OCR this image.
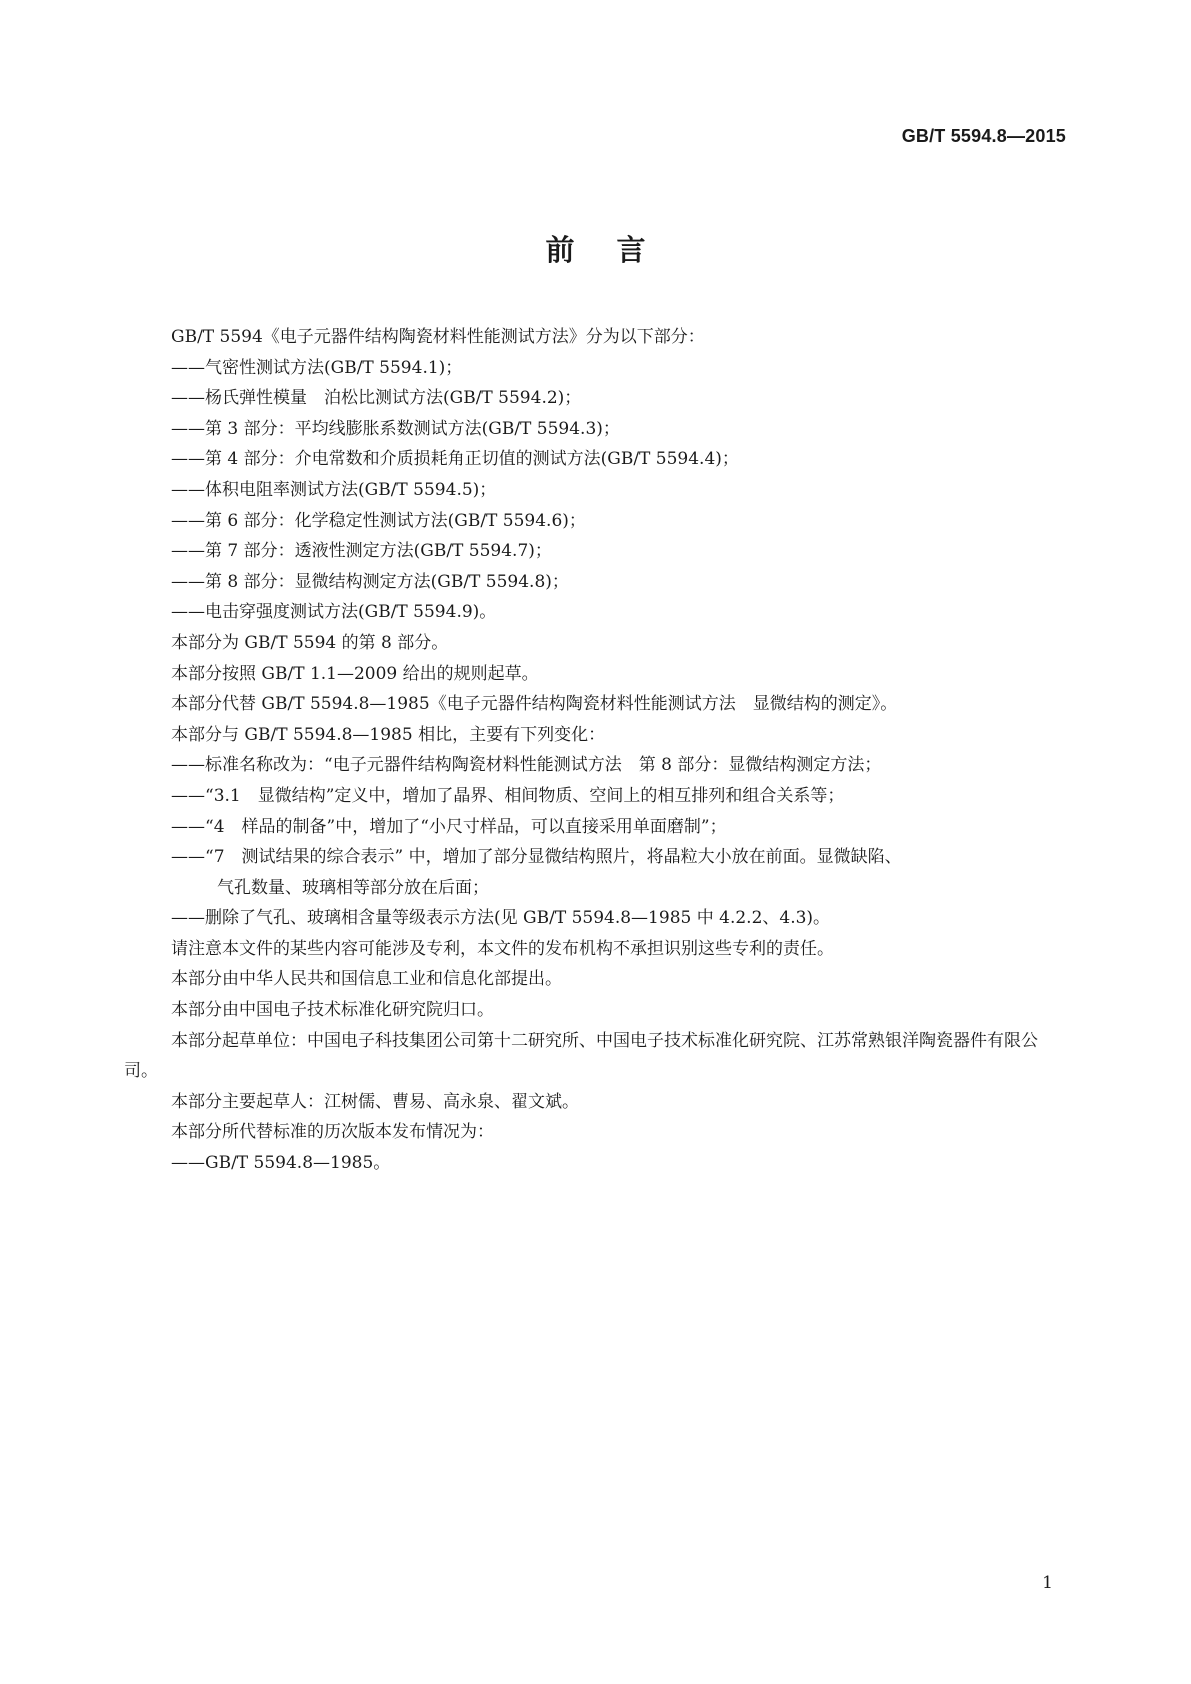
GB/T 5594.8—2015
前言
GB/T 5594《电子元器件结构陶瓷材料性能测试方法》分为以下部分：
——气密性测试方法(GB/T 5594.1)；
——杨氏弹性模量　泊松比测试方法(GB/T 5594.2)；
——第 3 部分：平均线膨胀系数测试方法(GB/T 5594.3)；
——第 4 部分：介电常数和介质损耗角正切值的测试方法(GB/T 5594.4)；
——体积电阻率测试方法(GB/T 5594.5)；
——第 6 部分：化学稳定性测试方法(GB/T 5594.6)；
——第 7 部分：透液性测定方法(GB/T 5594.7)；
——第 8 部分：显微结构测定方法(GB/T 5594.8)；
——电击穿强度测试方法(GB/T 5594.9)。
本部分为 GB/T 5594 的第 8 部分。
本部分按照 GB/T 1.1—2009 给出的规则起草。
本部分代替 GB/T 5594.8—1985《电子元器件结构陶瓷材料性能测试方法　显微结构的测定》。
本部分与 GB/T 5594.8—1985 相比，主要有下列变化：
——标准名称改为：“电子元器件结构陶瓷材料性能测试方法　第 8 部分：显微结构测定方法；
——“3.1　显微结构”定义中，增加了晶界、相间物质、空间上的相互排列和组合关系等；
——“4　样品的制备”中，增加了“小尺寸样品，可以直接采用单面磨制”；
——“7　测试结果的综合表示” 中，增加了部分显微结构照片，将晶粒大小放在前面。显微缺陷、
气孔数量、玻璃相等部分放在后面；
——删除了气孔、玻璃相含量等级表示方法(见 GB/T 5594.8—1985 中 4.2.2、4.3)。
请注意本文件的某些内容可能涉及专利，本文件的发布机构不承担识别这些专利的责任。
本部分由中华人民共和国信息工业和信息化部提出。
本部分由中国电子技术标准化研究院归口。
本部分起草单位：中国电子科技集团公司第十二研究所、中国电子技术标准化研究院、江苏常熟银洋陶瓷器件有限公司。
本部分主要起草人：江树儒、曹易、高永泉、翟文斌。
本部分所代替标准的历次版本发布情况为：
——GB/T 5594.8—1985。
1
